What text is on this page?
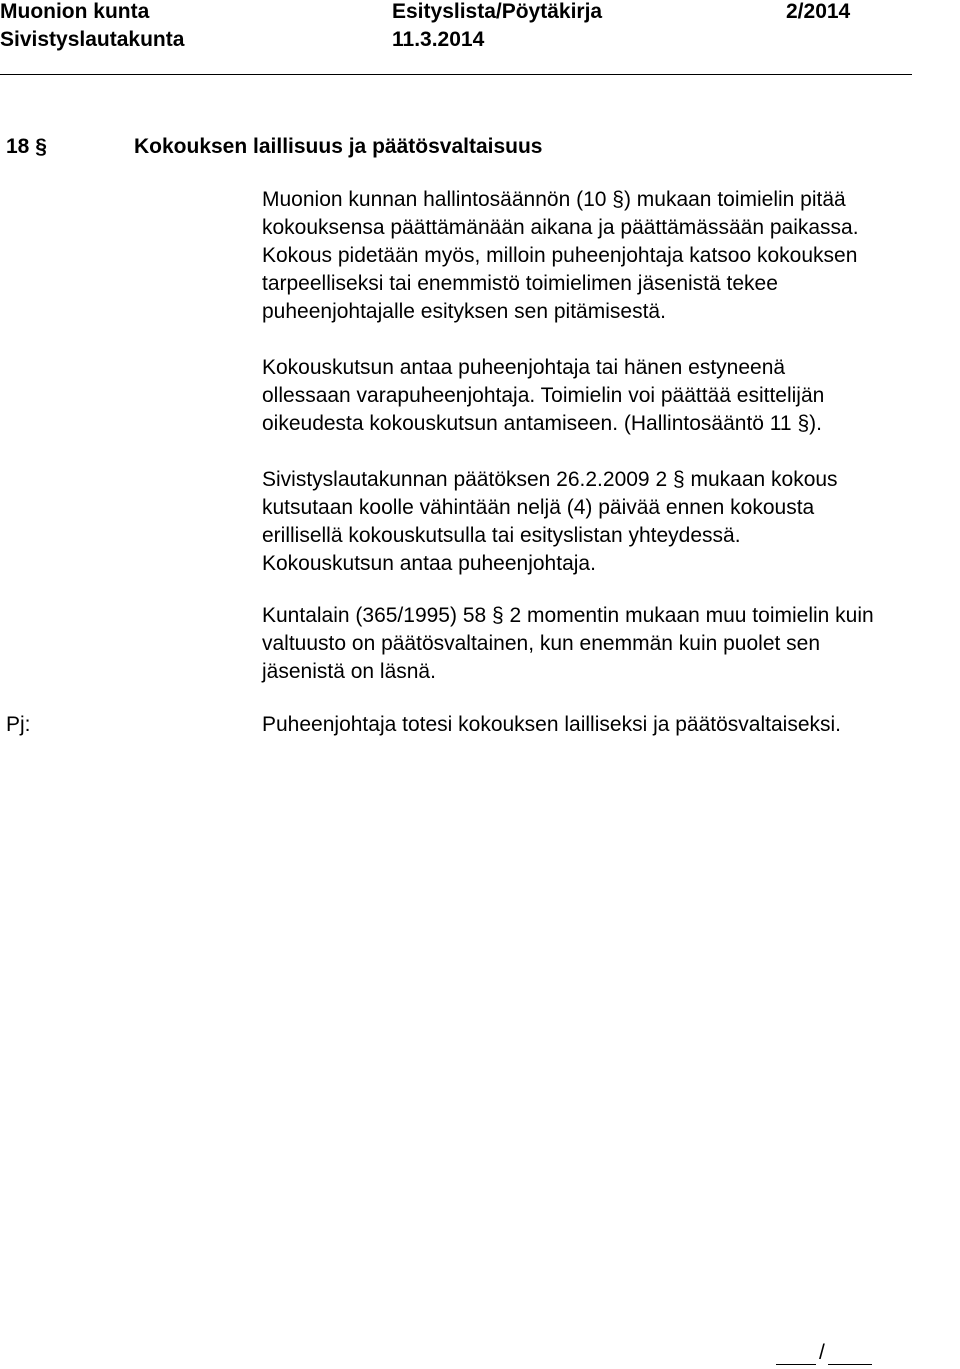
Muonion kunta	Esityslista/Pöytäkirja	2/2014
Sivistyslautakunta	11.3.2014
18 §	Kokouksen laillisuus ja päätösvaltaisuus
Muonion kunnan hallintosäännön (10 §) mukaan toimielin pitää
kokouksensa päättämänään aikana ja päättämässään paikassa.
Kokous pidetään myös, milloin puheenjohtaja katsoo kokouksen
tarpeelliseksi tai enemmistö toimielimen jäsenistä tekee
puheenjohtajalle esityksen sen pitämisestä.
Kokouskutsun antaa puheenjohtaja tai hänen estyneenä
ollessaan varapuheenjohtaja. Toimielin voi päättää esittelijän
oikeudesta kokouskutsun antamiseen. (Hallintosääntö 11 §).
Sivistyslautakunnan päätöksen 26.2.2009 2 § mukaan kokous
kutsutaan koolle vähintään neljä (4) päivää ennen kokousta
erillisellä kokouskutsulla tai esityslistan yhteydessä.
Kokouskutsun antaa puheenjohtaja.
Kuntalain (365/1995) 58 § 2 momentin mukaan muu toimielin kuin
valtuusto on päätösvaltainen, kun enemmän kuin puolet sen
jäsenistä on läsnä.
Pj:	Puheenjohtaja totesi kokouksen lailliseksi ja päätösvaltaiseksi.
/
